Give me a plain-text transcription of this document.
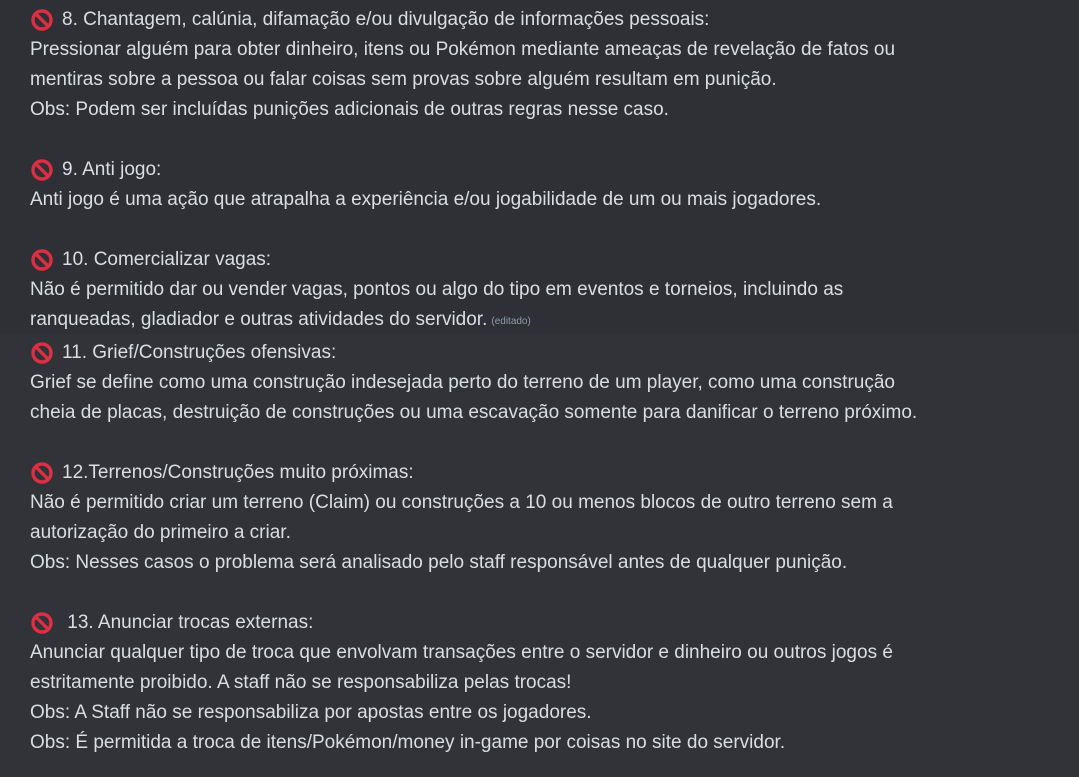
8. Chantagem, calúnia, difamação e/ou divulgação de informações pessoais:
Pressionar alguém para obter dinheiro, itens ou Pokémon mediante ameaças de revelação de fatos ou
mentiras sobre a pessoa ou falar coisas sem provas sobre alguém resultam em punição.
Obs: Podem ser incluídas punições adicionais de outras regras nesse caso.
9. Anti jogo:
Anti jogo é uma ação que atrapalha a experiência e/ou jogabilidade de um ou mais jogadores.
10. Comercializar vagas:
Não é permitido dar ou vender vagas, pontos ou algo do tipo em eventos e torneios, incluindo as
ranqueadas, gladiador e outras atividades do servidor. (editado)
11. Grief/Construções ofensivas:
Grief se define como uma construção indesejada perto do terreno de um player, como uma construção
cheia de placas, destruição de construções ou uma escavação somente para danificar o terreno próximo.
12.Terrenos/Construções muito próximas:
Não é permitido criar um terreno (Claim) ou construções a 10 ou menos blocos de outro terreno sem a
autorização do primeiro a criar.
Obs: Nesses casos o problema será analisado pelo staff responsável antes de qualquer punição.
13. Anunciar trocas externas:
Anunciar qualquer tipo de troca que envolvam transações entre o servidor e dinheiro ou outros jogos é
estritamente proibido. A staff não se responsabiliza pelas trocas!
Obs: A Staff não se responsabiliza por apostas entre os jogadores.
Obs: É permitida a troca de itens/Pokémon/money in-game por coisas no site do servidor.
